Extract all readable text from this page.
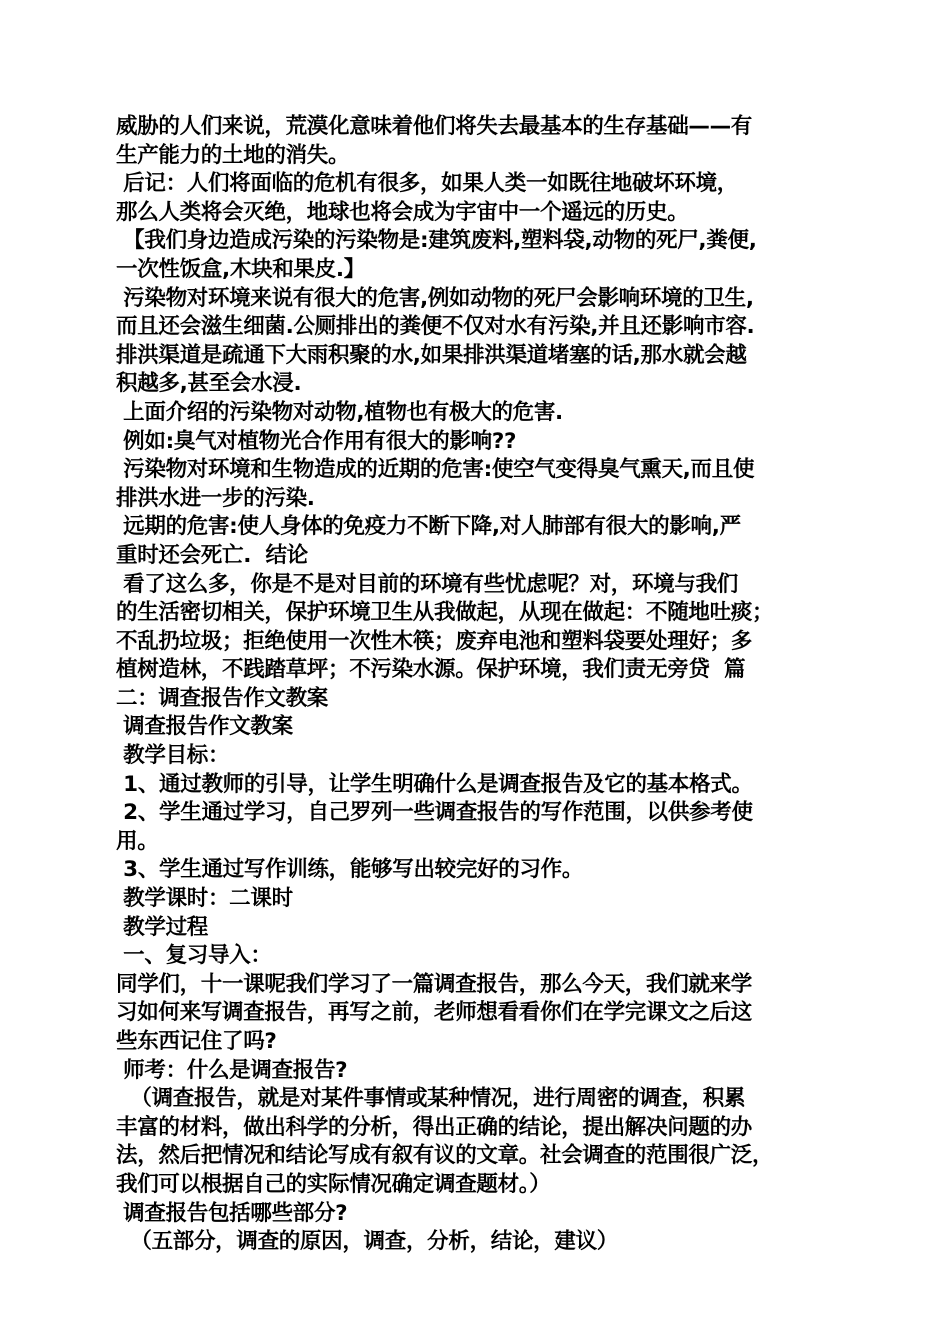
威胁的人们来说，荒漠化意味着他们将失去最基本的生存基础——有
生产能力的土地的消失。
后记：人们将面临的危机有很多，如果人类一如既往地破坏环境，
那么人类将会灭绝，地球也将会成为宇宙中一个遥远的历史。
【我们身边造成污染的污染物是:建筑废料,塑料袋,动物的死尸,粪便,
一次性饭盒,木块和果皮.】
污染物对环境来说有很大的危害,例如动物的死尸会影响环境的卫生,
而且还会滋生细菌.公厕排出的粪便不仅对水有污染,并且还影响市容.
排洪渠道是疏通下大雨积聚的水,如果排洪渠道堵塞的话,那水就会越
积越多,甚至会水浸.
上面介绍的污染物对动物,植物也有极大的危害.
例如:臭气对植物光合作用有很大的影响??
污染物对环境和生物造成的近期的危害:使空气变得臭气熏天,而且使
排洪水进一步的污染.
远期的危害:使人身体的免疫力不断下降,对人肺部有很大的影响,严
重时还会死亡.  结论
看了这么多，你是不是对目前的环境有些忧虑呢？对，环境与我们
的生活密切相关，保护环境卫生从我做起，从现在做起：不随地吐痰；
不乱扔垃圾；拒绝使用一次性木筷；废弃电池和塑料袋要处理好；多
植树造林，不践踏草坪；不污染水源。保护环境，我们责无旁贷  篇
二：调查报告作文教案
调查报告作文教案
教学目标：
1、通过教师的引导，让学生明确什么是调查报告及它的基本格式。
2、学生通过学习，自己罗列一些调查报告的写作范围，以供参考使
用。
3、学生通过写作训练，能够写出较完好的习作。
教学课时：二课时
教学过程
一、复习导入：
同学们，十一课呢我们学习了一篇调查报告，那么今天，我们就来学
习如何来写调查报告，再写之前，老师想看看你们在学完课文之后这
些东西记住了吗?
师考：什么是调查报告?
（调查报告，就是对某件事情或某种情况，进行周密的调查，积累
丰富的材料，做出科学的分析，得出正确的结论，提出解决问题的办
法，然后把情况和结论写成有叙有议的文章。社会调查的范围很广泛，
我们可以根据自己的实际情况确定调查题材。）
调查报告包括哪些部分?
（五部分，调查的原因，调查，分析，结论，建议）
